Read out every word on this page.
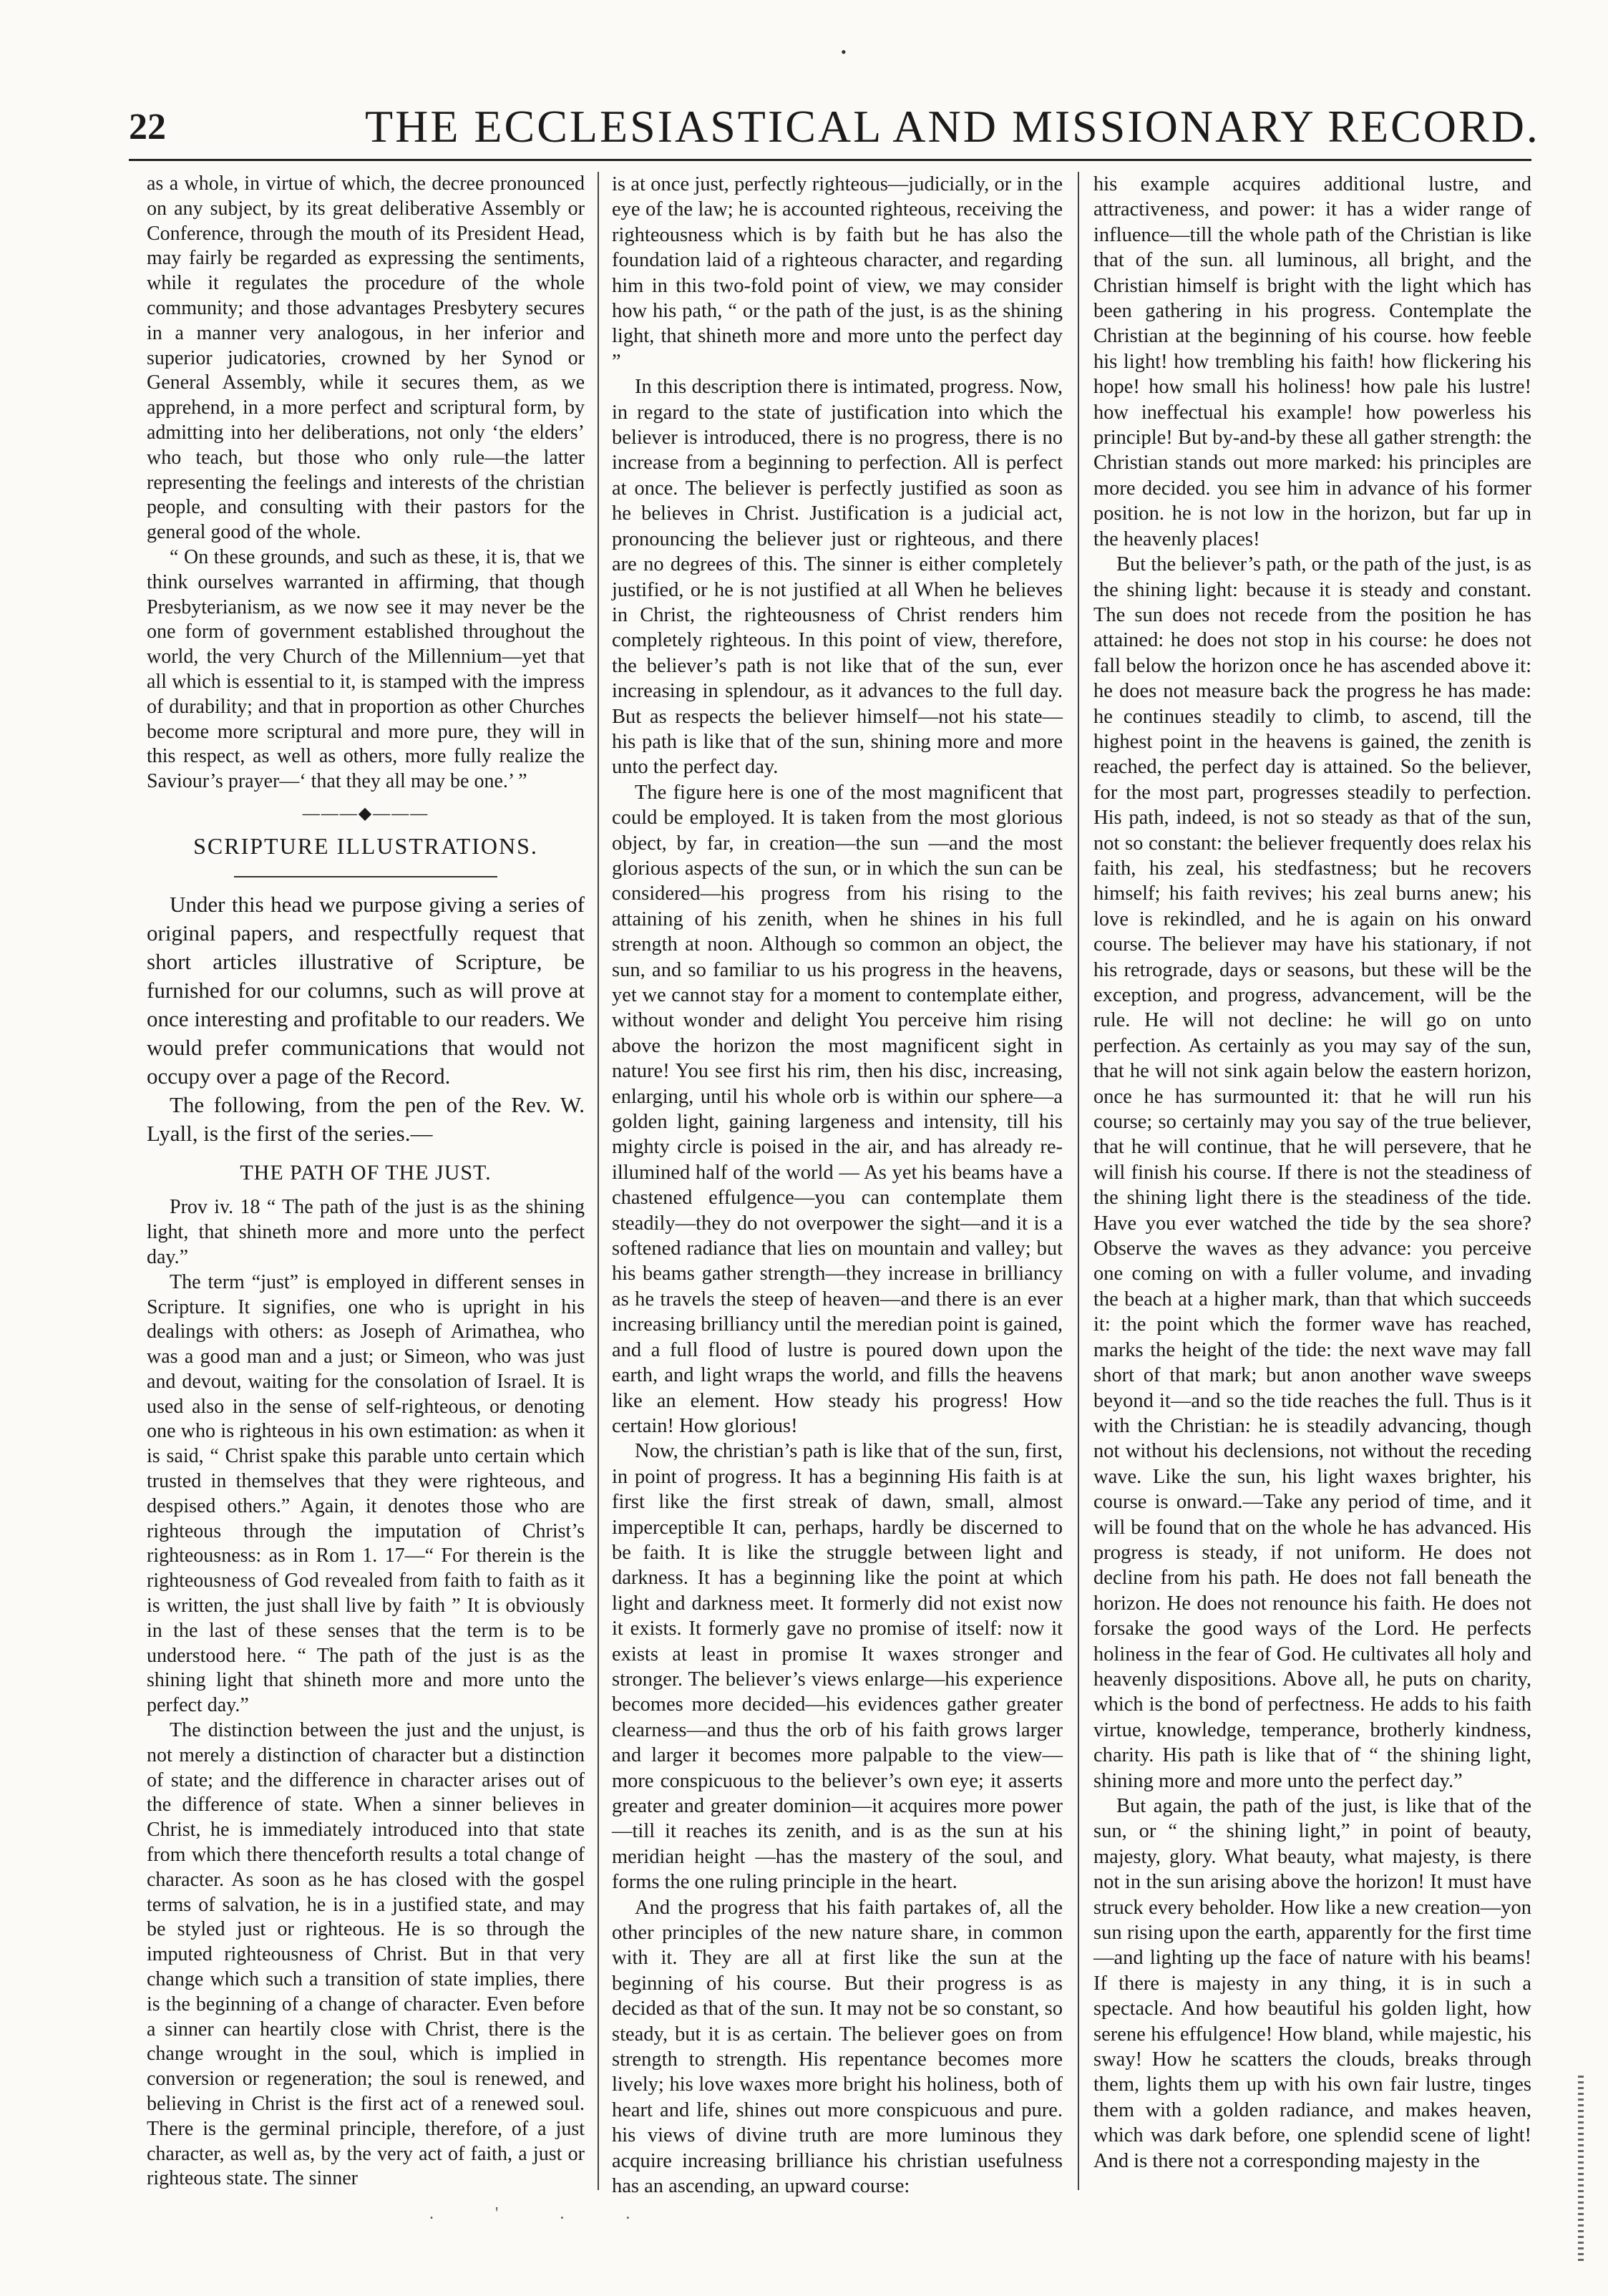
•
22	THE ECCLESIASTICAL AND MISSIONARY RECORD.

as a whole, in virtue of which, the decree pronounced on any subject, by its great deliberative Assembly or Conference, through the mouth of its President Head, may fairly be regarded as expressing the sentiments, while it regulates the procedure of the whole community; and those advantages Presbytery secures in a manner very analogous, in her inferior and superior judicatories, crowned by her Synod or General Assembly, while it secures them, as we apprehend, in a more perfect and scriptural form, by admitting into her deliberations, not only ‘the elders’ who teach, but those who only rule—the latter representing the feelings and interests of the christian people, and consulting with their pastors for the general good of the whole.

“ On these grounds, and such as these, it is, that we think ourselves warranted in affirming, that though Presbyterianism, as we now see it may never be the one form of government established throughout the world, the very Church of the Millennium—yet that all which is essential to it, is stamped with the impress of durability; and that in proportion as other Churches become more scriptural and more pure, they will in this respect, as well as others, more fully realize the Saviour’s prayer—‘ that they all may be one.’ ”

———◆———
SCRIPTURE ILLUSTRATIONS.

Under this head we purpose giving a series of original papers, and respectfully request that short articles illustrative of Scripture, be furnished for our columns, such as will prove at once interesting and profitable to our readers. We would prefer communications that would not occupy over a page of the Record.

The following, from the pen of the Rev. W. Lyall, is the first of the series.—

THE PATH OF THE JUST.

Prov iv. 18 “ The path of the just is as the shining light, that shineth more and more unto the perfect day.”

The term “just” is employed in different senses in Scripture. It signifies, one who is upright in his dealings with others: as Joseph of Arimathea, who was a good man and a just; or Simeon, who was just and devout, waiting for the consolation of Israel. It is used also in the sense of self-righteous, or denoting one who is righteous in his own estimation: as when it is said, “ Christ spake this parable unto certain which trusted in themselves that they were righteous, and despised others.” Again, it denotes those who are righteous through the imputation of Christ’s righteousness: as in Rom 1. 17—“ For therein is the righteousness of God revealed from faith to faith as it is written, the just shall live by faith ” It is obviously in the last of these senses that the term is to be understood here. “ The path of the just is as the shining light that shineth more and more unto the perfect day.”

The distinction between the just and the unjust, is not merely a distinction of character but a distinction of state; and the difference in character arises out of the difference of state. When a sinner believes in Christ, he is immediately introduced into that state from which there thenceforth results a total change of character. As soon as he has closed with the gospel terms of salvation, he is in a justified state, and may be styled just or righteous. He is so through the imputed righteousness of Christ. But in that very change which such a transition of state implies, there is the beginning of a change of character. Even before a sinner can heartily close with Christ, there is the change wrought in the soul, which is implied in conversion or regeneration; the soul is renewed, and believing in Christ is the first act of a renewed soul. There is the germinal principle, therefore, of a just character, as well as, by the very act of faith, a just or righteous state. The sinner

is at once just, perfectly righteous—judicially, or in the eye of the law; he is accounted righteous, receiving the righteousness which is by faith but he has also the foundation laid of a righteous character, and regarding him in this two-fold point of view, we may consider how his path, “ or the path of the just, is as the shining light, that shineth more and more unto the perfect day ”

In this description there is intimated, progress. Now, in regard to the state of justification into which the believer is introduced, there is no progress, there is no increase from a beginning to perfection. All is perfect at once. The believer is perfectly justified as soon as he believes in Christ. Justification is a judicial act, pronouncing the believer just or righteous, and there are no degrees of this. The sinner is either completely justified, or he is not justified at all When he believes in Christ, the righteousness of Christ renders him completely righteous. In this point of view, therefore, the believer’s path is not like that of the sun, ever increasing in splendour, as it advances to the full day. But as respects the believer himself—not his state—his path is like that of the sun, shining more and more unto the perfect day.

The figure here is one of the most magnificent that could be employed. It is taken from the most glorious object, by far, in creation—the sun —and the most glorious aspects of the sun, or in which the sun can be considered—his progress from his rising to the attaining of his zenith, when he shines in his full strength at noon. Although so common an object, the sun, and so familiar to us his progress in the heavens, yet we cannot stay for a moment to contemplate either, without wonder and delight You perceive him rising above the horizon the most magnificent sight in nature! You see first his rim, then his disc, increasing, enlarging, until his whole orb is within our sphere—a golden light, gaining largeness and intensity, till his mighty circle is poised in the air, and has already re-illumined half of the world — As yet his beams have a chastened effulgence—you can contemplate them steadily—they do not overpower the sight—and it is a softened radiance that lies on mountain and valley; but his beams gather strength—they increase in brilliancy as he travels the steep of heaven—and there is an ever increasing brilliancy until the meredian point is gained, and a full flood of lustre is poured down upon the earth, and light wraps the world, and fills the heavens like an element. How steady his progress! How certain! How glorious!

Now, the christian’s path is like that of the sun, first, in point of progress. It has a beginning His faith is at first like the first streak of dawn, small, almost imperceptible It can, perhaps, hardly be discerned to be faith. It is like the struggle between light and darkness. It has a beginning like the point at which light and darkness meet. It formerly did not exist now it exists. It formerly gave no promise of itself: now it exists at least in promise It waxes stronger and stronger. The believer’s views enlarge—his experience becomes more decided—his evidences gather greater clearness—and thus the orb of his faith grows larger and larger it becomes more palpable to the view—more conspicuous to the believer’s own eye; it asserts greater and greater dominion—it acquires more power—till it reaches its zenith, and is as the sun at his meridian height —has the mastery of the soul, and forms the one ruling principle in the heart.

And the progress that his faith partakes of, all the other principles of the new nature share, in common with it. They are all at first like the sun at the beginning of his course. But their progress is as decided as that of the sun. It may not be so constant, so steady, but it is as certain. The believer goes on from strength to strength. His repentance becomes more lively; his love waxes more bright his holiness, both of heart and life, shines out more conspicuous and pure. his views of divine truth are more luminous they acquire increasing brilliance his christian usefulness has an ascending, an upward course:

his example acquires additional lustre, and attractiveness, and power: it has a wider range of influence—till the whole path of the Christian is like that of the sun. all luminous, all bright, and the Christian himself is bright with the light which has been gathering in his progress. Contemplate the Christian at the beginning of his course. how feeble his light! how trembling his faith! how flickering his hope! how small his holiness! how pale his lustre! how ineffectual his example! how powerless his principle! But by-and-by these all gather strength: the Christian stands out more marked: his principles are more decided. you see him in advance of his former position. he is not low in the horizon, but far up in the heavenly places!

But the believer’s path, or the path of the just, is as the shining light: because it is steady and constant. The sun does not recede from the position he has attained: he does not stop in his course: he does not fall below the horizon once he has ascended above it: he does not measure back the progress he has made: he continues steadily to climb, to ascend, till the highest point in the heavens is gained, the zenith is reached, the perfect day is attained. So the believer, for the most part, progresses steadily to perfection. His path, indeed, is not so steady as that of the sun, not so constant: the believer frequently does relax his faith, his zeal, his stedfastness; but he recovers himself; his faith revives; his zeal burns anew; his love is rekindled, and he is again on his onward course. The believer may have his stationary, if not his retrograde, days or seasons, but these will be the exception, and progress, advancement, will be the rule. He will not decline: he will go on unto perfection. As certainly as you may say of the sun, that he will not sink again below the eastern horizon, once he has surmounted it: that he will run his course; so certainly may you say of the true believer, that he will continue, that he will persevere, that he will finish his course. If there is not the steadiness of the shining light there is the steadiness of the tide. Have you ever watched the tide by the sea shore? Observe the waves as they advance: you perceive one coming on with a fuller volume, and invading the beach at a higher mark, than that which succeeds it: the point which the former wave has reached, marks the height of the tide: the next wave may fall short of that mark; but anon another wave sweeps beyond it—and so the tide reaches the full. Thus is it with the Christian: he is steadily advancing, though not without his declensions, not without the receding wave. Like the sun, his light waxes brighter, his course is onward.—Take any period of time, and it will be found that on the whole he has advanced. His progress is steady, if not uniform. He does not decline from his path. He does not fall beneath the horizon. He does not renounce his faith. He does not forsake the good ways of the Lord. He perfects holiness in the fear of God. He cultivates all holy and heavenly dispositions. Above all, he puts on charity, which is the bond of perfectness. He adds to his faith virtue, knowledge, temperance, brotherly kindness, charity. His path is like that of “ the shining light, shining more and more unto the perfect day.”

But again, the path of the just, is like that of the sun, or “ the shining light,” in point of beauty, majesty, glory. What beauty, what majesty, is there not in the sun arising above the horizon! It must have struck every beholder. How like a new creation—yon sun rising upon the earth, apparently for the first time—and lighting up the face of nature with his beams! If there is majesty in any thing, it is in such a spectacle. And how beautiful his golden light, how serene his effulgence! How bland, while majestic, his sway! How he scatters the clouds, breaks through them, lights them up with his own fair lustre, tinges them with a golden radiance, and makes heaven, which was dark before, one splendid scene of light! And is there not a corresponding majesty in the

. ' . .
